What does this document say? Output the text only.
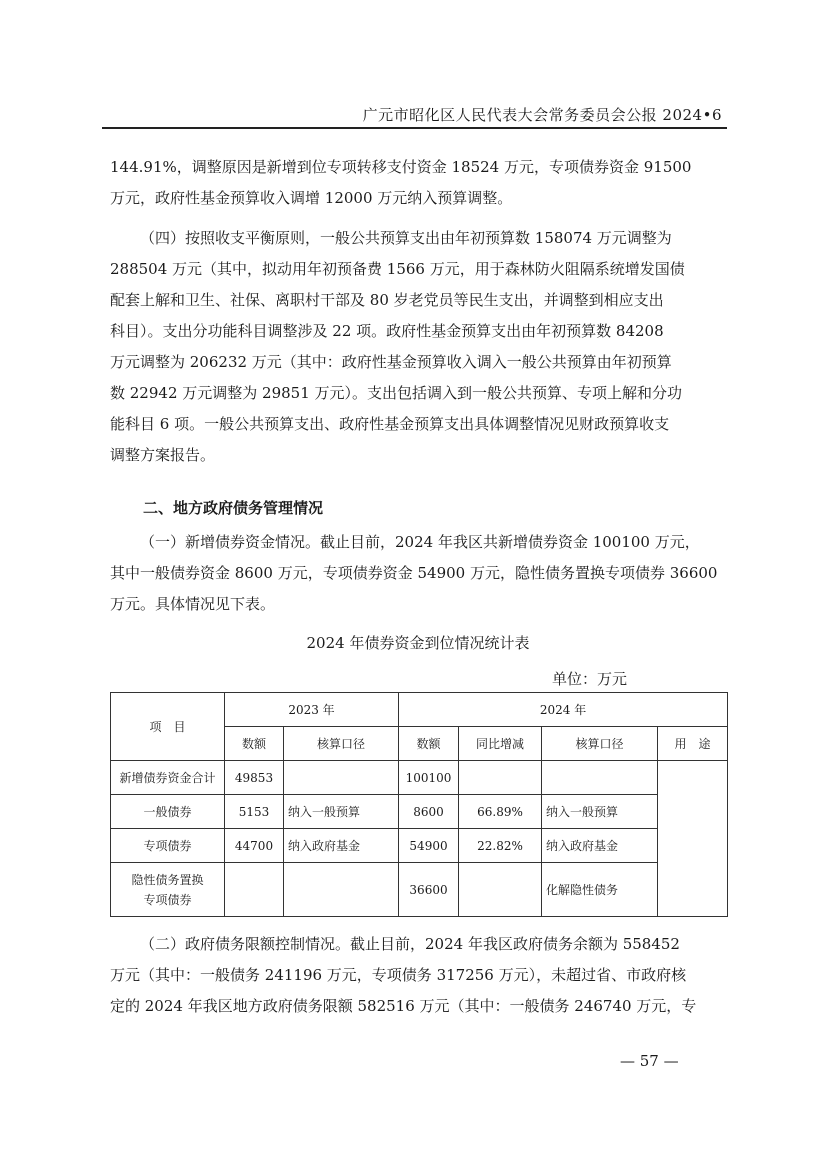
广元市昭化区人民代表大会常务委员会公报 2024•6
144.91%，调整原因是新增到位专项转移支付资金 18524 万元，专项债券资金 91500
万元，政府性基金预算收入调增 12000 万元纳入预算调整。
（四）按照收支平衡原则，一般公共预算支出由年初预算数 158074 万元调整为
288504 万元（其中，拟动用年初预备费 1566 万元，用于森林防火阻隔系统增发国债
配套上解和卫生、社保、离职村干部及 80 岁老党员等民生支出，并调整到相应支出
科目）。支出分功能科目调整涉及 22 项。政府性基金预算支出由年初预算数 84208
万元调整为 206232 万元（其中：政府性基金预算收入调入一般公共预算由年初预算
数 22942 万元调整为 29851 万元）。支出包括调入到一般公共预算、专项上解和分功
能科目 6 项。一般公共预算支出、政府性基金预算支出具体调整情况见财政预算收支
调整方案报告。
二、地方政府债务管理情况
（一）新增债券资金情况。截止目前，2024 年我区共新增债券资金 100100 万元，
其中一般债券资金 8600 万元，专项债券资金 54900 万元，隐性债务置换专项债券 36600
万元。具体情况见下表。
2024 年债券资金到位情况统计表
单位：万元
项　目	2023 年		2024 年			
	数额	核算口径	数额	同比增减	核算口径	用　途
新增债券资金合计	49853		100100			
一般债券	5153	纳入一般预算	8600	66.89%	纳入一般预算	
专项债券	44700	纳入政府基金	54900	22.82%	纳入政府基金	

隐性债务置换
专项债券			36600		化解隐性债务	
（二）政府债务限额控制情况。截止目前，2024 年我区政府债务余额为 558452
万元（其中：一般债务 241196 万元，专项债务 317256 万元），未超过省、市政府核
定的 2024 年我区地方政府债务限额 582516 万元（其中：一般债务 246740 万元，专
— 57 —
